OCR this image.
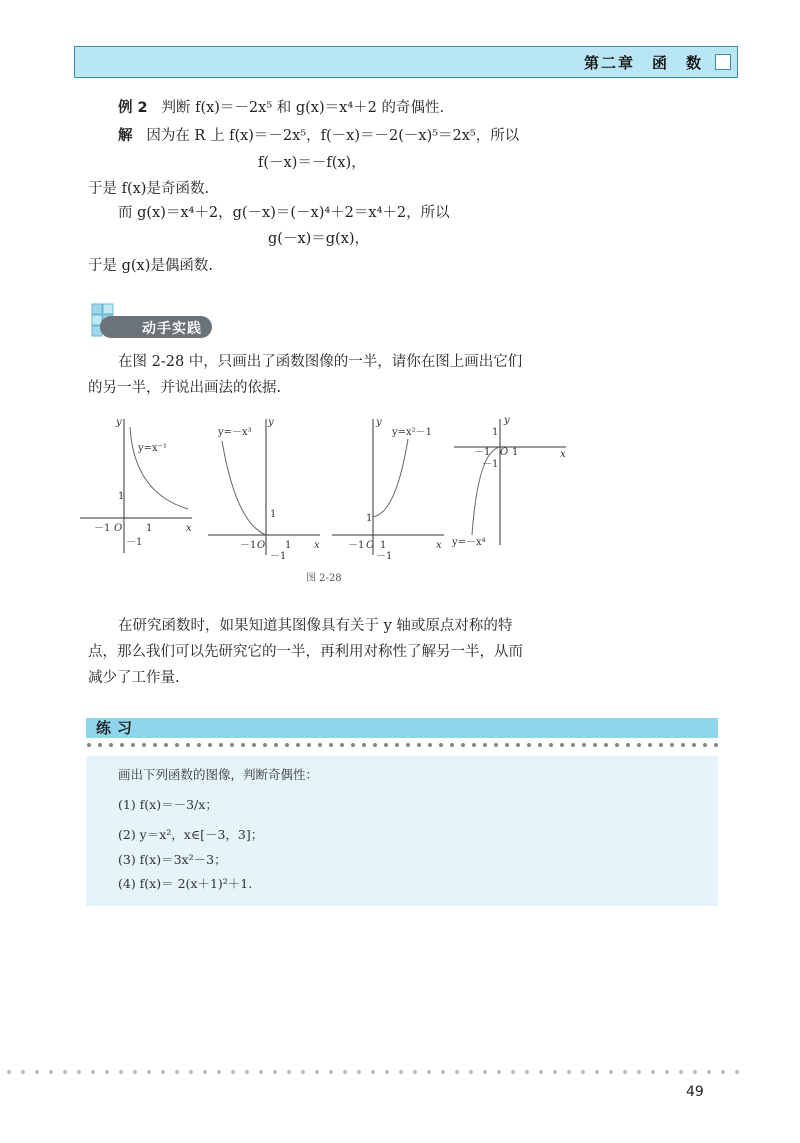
第二章　函　数
例 2 判断 f(x)＝－2x⁵ 和 g(x)＝x⁴＋2 的奇偶性.
解 因为在 R 上 f(x)＝－2x⁵，f(－x)＝－2(－x)⁵＝2x⁵，所以
f(－x)＝－f(x)，
于是 f(x)是奇函数.
而 g(x)＝x⁴＋2，g(－x)＝(－x)⁴＋2＝x⁴＋2，所以
g(－x)＝g(x)，
于是 g(x)是偶函数.
动手实践
在图 2-28 中，只画出了函数图像的一半，请你在图上画出它们
的另一半，并说出画法的依据.
y
y=x⁻¹
1
－1 O 1	x
－1
y
y=－x³
1
－1 O 1 x
－1
y
y=x²－1
1
－1 O 1	x
－1
y
1
－1 O 1	x
－1
y=－x⁴
图 2-28
在研究函数时，如果知道其图像具有关于 y 轴或原点对称的特
点，那么我们可以先研究它的一半，再利用对称性了解另一半，从而
减少了工作量.
练习
画出下列函数的图像，判断奇偶性：
(1) f(x)＝－3/x；
(2) y＝x²，x∈[－3，3]；
(3) f(x)＝3x²－3；
(4) f(x)＝ 2(x＋1)²＋1.
49
